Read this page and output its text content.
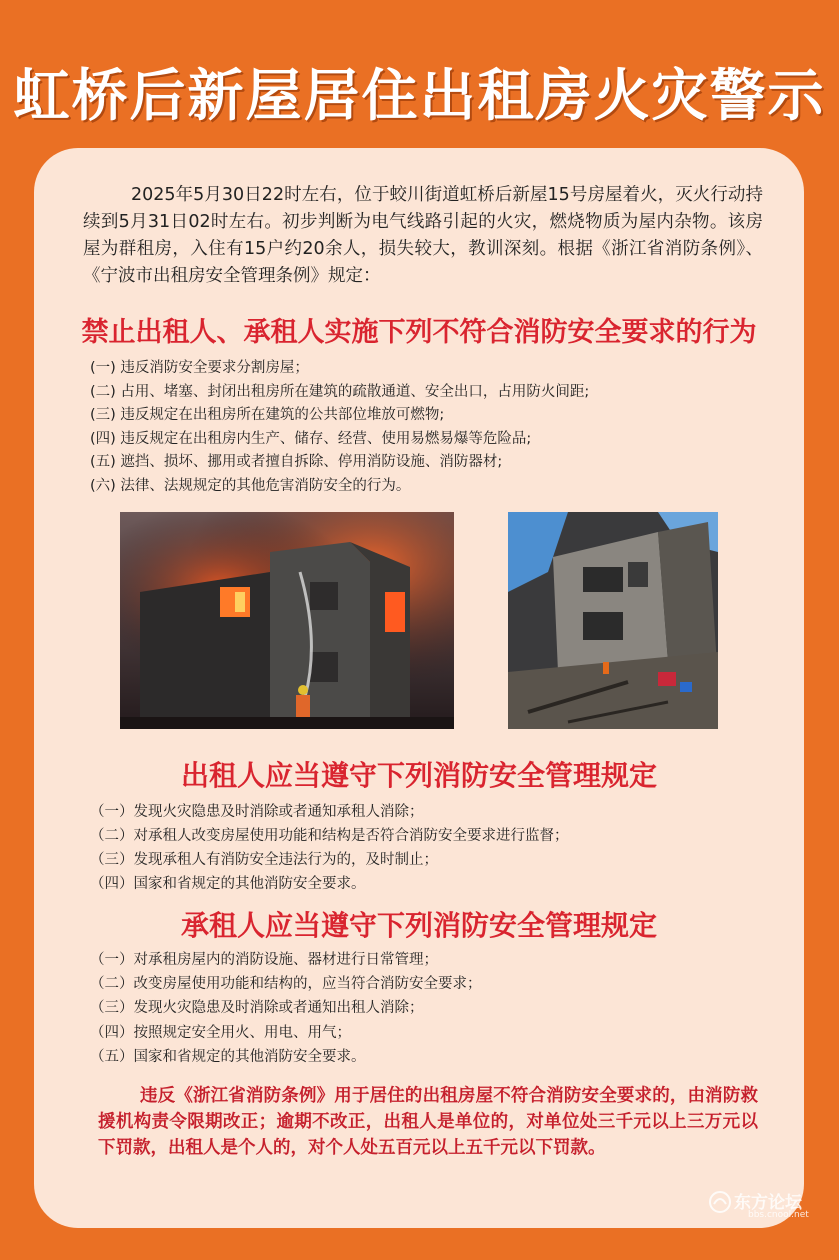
虹桥后新屋居住出租房火灾警示
2025年5月30日22时左右，位于蛟川街道虹桥后新屋15号房屋着火，灭火行动持续到5月31日02时左右。初步判断为电气线路引起的火灾，燃烧物质为屋内杂物。该房屋为群租房，入住有15户约20余人，损失较大，教训深刻。根据《浙江省消防条例》、《宁波市出租房安全管理条例》规定：
禁止出租人、承租人实施下列不符合消防安全要求的行为
(一) 违反消防安全要求分割房屋；
(二) 占用、堵塞、封闭出租房所在建筑的疏散通道、安全出口，占用防火间距;
(三) 违反规定在出租房所在建筑的公共部位堆放可燃物;
(四) 违反规定在出租房内生产、储存、经营、使用易燃易爆等危险品;
(五) 遮挡、损坏、挪用或者擅自拆除、停用消防设施、消防器材;
(六) 法律、法规规定的其他危害消防安全的行为。
出租人应当遵守下列消防安全管理规定
（一）发现火灾隐患及时消除或者通知承租人消除；
（二）对承租人改变房屋使用功能和结构是否符合消防安全要求进行监督；
（三）发现承租人有消防安全违法行为的，及时制止；
（四）国家和省规定的其他消防安全要求。
承租人应当遵守下列消防安全管理规定
（一）对承租房屋内的消防设施、器材进行日常管理；
（二）改变房屋使用功能和结构的，应当符合消防安全要求；
（三）发现火灾隐患及时消除或者通知出租人消除；
（四）按照规定安全用火、用电、用气；
（五）国家和省规定的其他消防安全要求。
违反《浙江省消防条例》用于居住的出租房屋不符合消防安全要求的，由消防救援机构责令限期改正；逾期不改正，出租人是单位的，对单位处三千元以上三万元以下罚款，出租人是个人的，对个人处五百元以上五千元以下罚款。
东方论坛
bbs.cnool.net
